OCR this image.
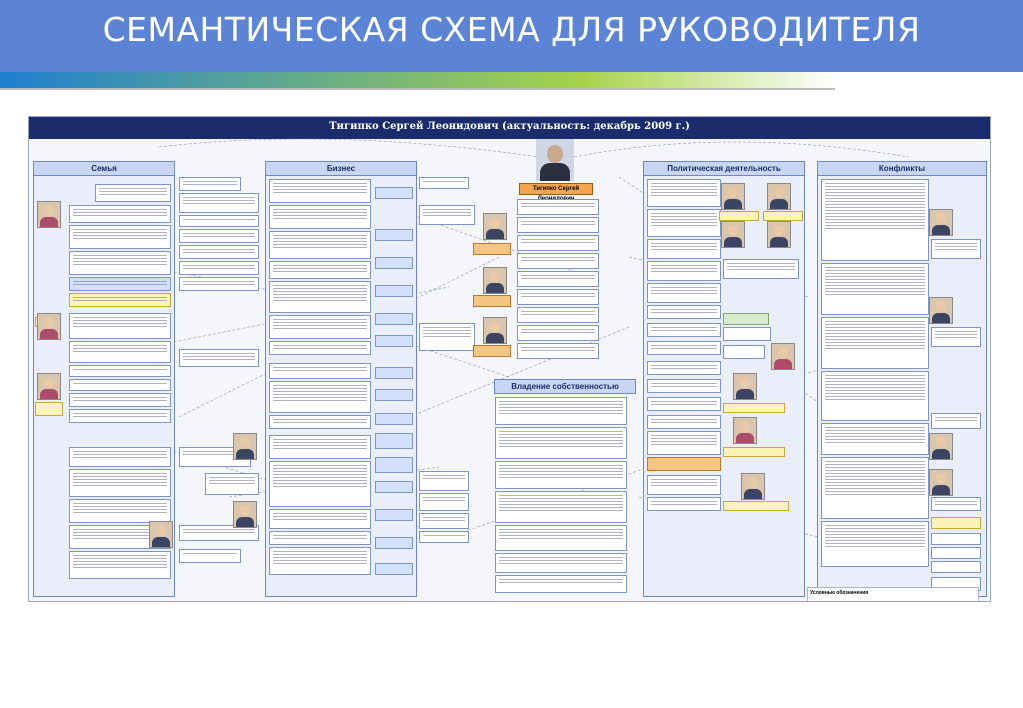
СЕМАНТИЧЕСКАЯ СХЕМА ДЛЯ РУКОВОДИТЕЛЯ
Тигипко Сергей Леонидович (актуальность: декабрь 2009 г.)
Семья	Бизнес
Тигипко Сергей
Владение собственностью
Политическая деятельность	Конфликты
Условные обозначения
